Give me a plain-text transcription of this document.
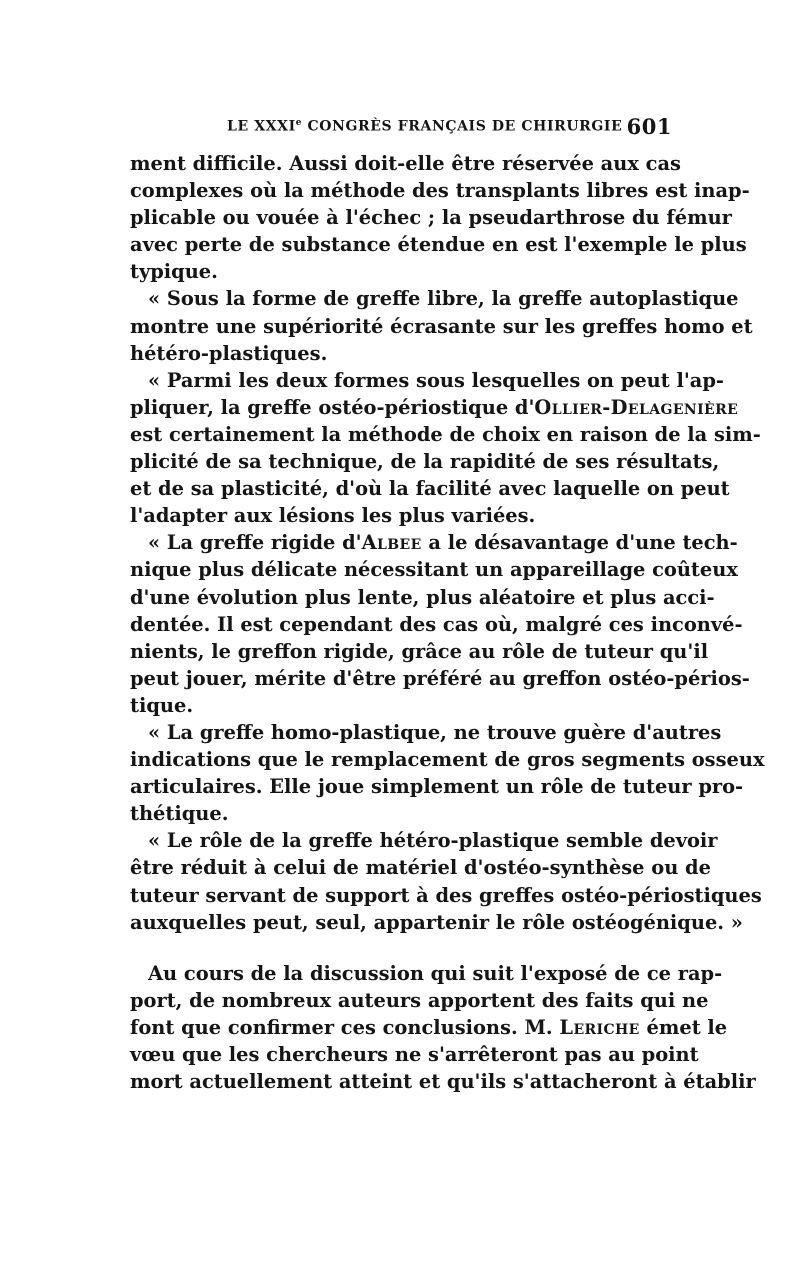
LE XXXIe CONGRÈS FRANÇAIS DE CHIRURGIE 601
ment difficile. Aussi doit-elle être réservée aux cas
complexes où la méthode des transplants libres est inap-
plicable ou vouée à l'échec ; la pseudarthrose du fémur
avec perte de substance étendue en est l'exemple le plus
typique.
« Sous la forme de greffe libre, la greffe autoplastique
montre une supériorité écrasante sur les greffes homo et
hétéro-plastiques.
« Parmi les deux formes sous lesquelles on peut l'ap-
pliquer, la greffe ostéo-périostique d'Ollier-Delagenière
est certainement la méthode de choix en raison de la sim-
plicité de sa technique, de la rapidité de ses résultats,
et de sa plasticité, d'où la facilité avec laquelle on peut
l'adapter aux lésions les plus variées.
« La greffe rigide d'Albee a le désavantage d'une tech-
nique plus délicate nécessitant un appareillage coûteux
d'une évolution plus lente, plus aléatoire et plus acci-
dentée. Il est cependant des cas où, malgré ces inconvé-
nients, le greffon rigide, grâce au rôle de tuteur qu'il
peut jouer, mérite d'être préféré au greffon ostéo-périos-
tique.
« La greffe homo-plastique, ne trouve guère d'autres
indications que le remplacement de gros segments osseux
articulaires. Elle joue simplement un rôle de tuteur pro-
thétique.
« Le rôle de la greffe hétéro-plastique semble devoir
être réduit à celui de matériel d'ostéo-synthèse ou de
tuteur servant de support à des greffes ostéo-périostiques
auxquelles peut, seul, appartenir le rôle ostéogénique. »
Au cours de la discussion qui suit l'exposé de ce rap-
port, de nombreux auteurs apportent des faits qui ne
font que confirmer ces conclusions. M. Leriche émet le
vœu que les chercheurs ne s'arrêteront pas au point
mort actuellement atteint et qu'ils s'attacheront à établir
